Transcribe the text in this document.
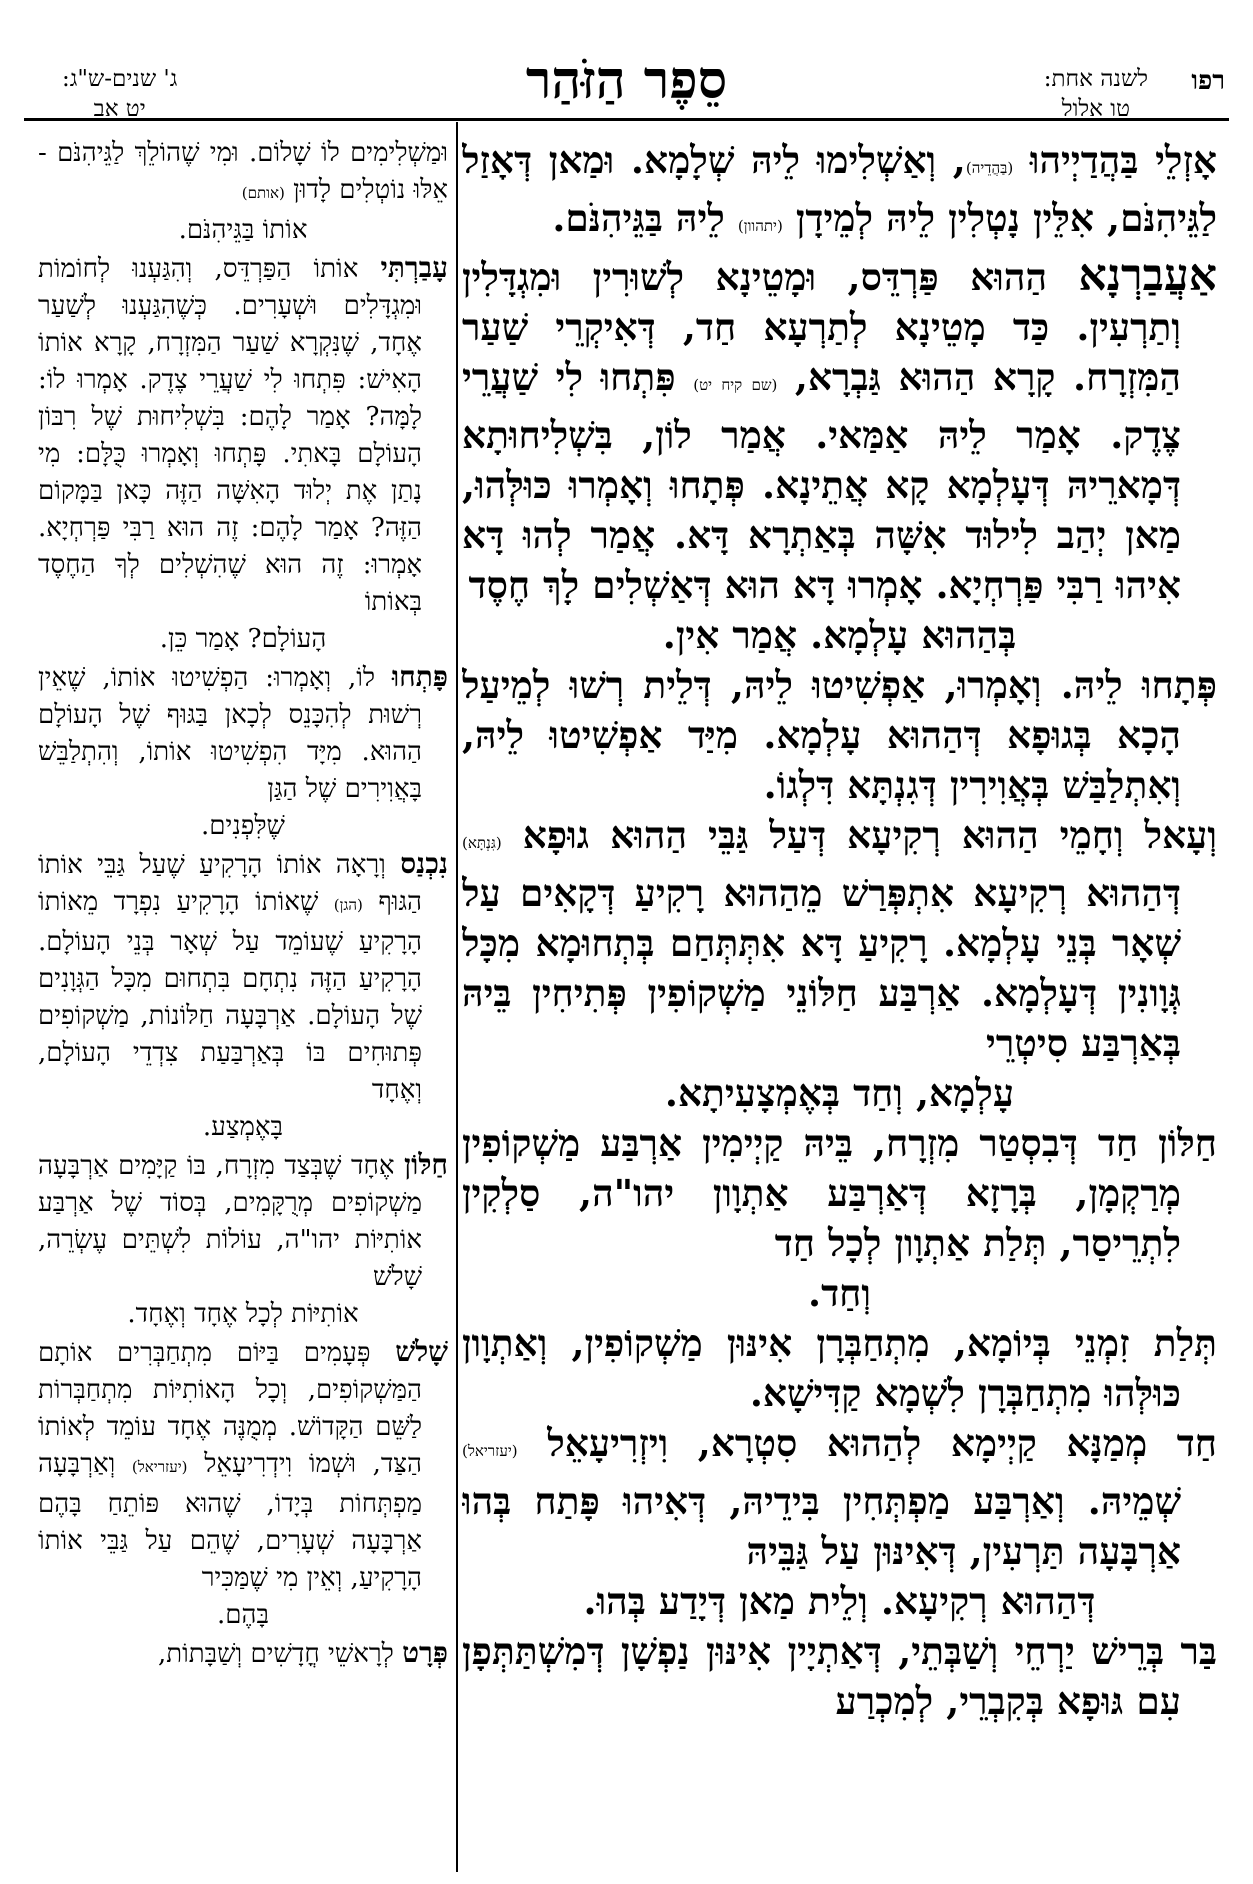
רפו
לשנה אחת:
טו אלול
סֵפֶר הַזֹּהַר
ג' שנים-ש"ג:
יט אב

אָזְלֵי בַּהֲדַיְיהוּ (בַּהֲדֵיה), וְאַשְׁלִימוּ לֵיהּ שְׁלָמָא. וּמַאן דְּאָזַל לַגֵּיהִנֹּם, אִלֵּין נָטְלִין לֵיהּ לְמֵידָן (יתהוון) לֵיהּ בַּגֵּיהִנֹּם.

אַעֲבַרְנָא הַהוּא פַּרְדֵּס, וּמָטֵינָא לְשׁוּרִין וּמִגְדָּלִין וְתַרְעִין. כַּד מָטֵינָא לְתַרְעָא חַד, דְּאִיקְרֵי שַׁעַר הַמִּזְרָח. קָרָא הַהוּא גַּבְרָא, (שם קיח יט) פִּתְחוּ לִי שַׁעֲרֵי צֶדֶק. אָמַר לֵיהּ אַמַּאי. אֲמַר לוֹן, בִּשְׁלִיחוּתָא דְּמָארֵיהּ דְּעָלְמָא קָא אֲתֵינָא. פְּתָחוּ וְאָמְרוּ כּוּלְּהוּ, מַאן יְהַב לִילוּד אִשָּׁה בְּאַתְרָא דָּא. אֲמַר לְהוּ דָּא אִיהוּ רַבִּי פַּרְחְיָא. אָמְרוּ דָּא הוּא דְּאַשְׁלִים לָךְ חֶסֶד

בְּהַהוּא עָלְמָא. אֲמַר אִין.

פְּתָחוּ לֵיהּ. וְאָמְרוּ, אַפְשִׁיטוּ לֵיהּ, דְּלֵית רְשׁוּ לְמֵיעַל הָכָא בְּגוּפָא דְּהַהוּא עָלְמָא. מִיַּד אַפְשִׁיטוּ לֵיהּ, וְאִתְלַבַּשׁ בְּאֲוִירִין דְּגִנְתָּא דִּלְגוֹ.

וְעָאל וְחָמֵי הַהוּא רְקִיעָא דְּעַל גַּבֵּי הַהוּא גוּפָא (גִּנְתָּא) דְּהַהוּא רְקִיעָא אִתְפְּרַשׁ מֵהַהוּא רָקִיעַ דְּקָאִים עַל שְׁאָר בְּנֵי עָלְמָא. רָקִיעַ דָּא אִתְּתְּחַם בְּתְחוּמָא מִכָּל גְּוָונִין דְּעָלְמָא. אַרְבַּע חַלּוֹנֵי מַשְׁקוֹפִין פְּתִיחִין בֵּיהּ בְּאַרְבַּע סִיטְרֵי

עָלְמָא, וְחַד בְּאֶמְצָעִיתָא.

חַלּוֹן חַד דְּבִסְטַר מִזְרָח, בֵּיהּ קַיְימִין אַרְבַּע מַשְׁקוֹפִין מְרַקְמָן, בְּרָזָא דְּאַרְבַּע אַתְוָון יהו"ה, סַלְקִין לִתְרֵיסַר, תְּלַת אַתְוָון לְכָל חַד

וְחַד.

תְּלַת זִמְנֵי בְּיוֹמָא, מִתְחַבְּרָן אִינּוּן מַשְׁקוֹפִין, וְאַתְוָון כּוּלְּהוּ מִתְחַבְּרָן לִשְׁמָא קַדִּישָׁא.

חַד מְמַנָּא קַיְימָא לְהַהוּא סִטְרָא, וִיזְרִיעָאֵל (יעזריאל) שְׁמֵיהּ. וְאַרְבַּע מַפְתְּחִין בִּידֵיהּ, דְּאִיהוּ פָּתַח בְּהוּ אַרְבָּעָה תַּרְעִין, דְּאִינּוּן עַל גַּבֵּיהּ

דְּהַהוּא רְקִיעָא. וְלֵית מַאן דְּיָדַע בְּהוּ.

בַּר בְּרֵישׁ יַרְחֵי וְשַׁבְּתֵי, דְּאַתְיָין אִינּוּן נַפְשָׁן דְּמִשְׁתַּתְּפָן עִם גּוּפָא בְּקִבְרֵי, לְמִכְרַע

וּמַשְׁלִימִים לוֹ שָׁלוֹם. וּמִי שֶׁהוֹלֵךְ לַגֵּיהִנֹּם - אֵלּוּ נוֹטְלִים לָדוּן (אותם)

אוֹתוֹ בַּגֵּיהִנֹּם.

עָבַרְתִּי אוֹתוֹ הַפַּרְדֵּס, וְהִגַּעְנוּ לְחוֹמוֹת וּמִגְדָּלִים וּשְׁעָרִים. כְּשֶׁהִגַּעְנוּ לְשַׁעַר אֶחָד, שֶׁנִּקְרָא שַׁעַר הַמִּזְרָח, קָרָא אוֹתוֹ הָאִישׁ: פִּתְחוּ לִי שַׁעֲרֵי צֶדֶק. אָמְרוּ לוֹ: לָמָּה? אָמַר לָהֶם: בִּשְׁלִיחוּת שֶׁל רִבּוֹן הָעוֹלָם בָּאתִי. פָּתְחוּ וְאָמְרוּ כֻּלָּם: מִי נָתַן אֶת יְלוּד הָאִשָּׁה הַזֶּה כָּאן בַּמָּקוֹם הַזֶּה? אָמַר לָהֶם: זֶה הוּא רַבִּי פַּרְחְיָא. אָמְרוּ: זֶה הוּא שֶׁהִשְׁלִים לְךָ הַחֶסֶד בְּאוֹתוֹ

הָעוֹלָם? אָמַר כֵּן.

פָּתְחוּ לוֹ, וְאָמְרוּ: הַפְשִׁיטוּ אוֹתוֹ, שֶׁאֵין רְשׁוּת לְהִכָּנֵס לְכָאן בַּגּוּף שֶׁל הָעוֹלָם הַהוּא. מִיָּד הִפְשִׁיטוּ אוֹתוֹ, וְהִתְלַבֵּשׁ בָּאֲוִירִים שֶׁל הַגַּן

שֶׁלִּפְנִים.

נִכְנַס וְרָאָה אוֹתוֹ הָרָקִיעַ שֶׁעַל גַּבֵּי אוֹתוֹ הַגּוּף (הגן) שֶׁאוֹתוֹ הָרָקִיעַ נִפְרָד מֵאוֹתוֹ הָרָקִיעַ שֶׁעוֹמֵד עַל שְׁאָר בְּנֵי הָעוֹלָם. הָרָקִיעַ הַזֶּה נִתְחָם בִּתְחוּם מִכָּל הַגְּוָנִים שֶׁל הָעוֹלָם. אַרְבָּעָה חַלּוֹנוֹת, מַשְׁקוֹפִים פְּתוּחִים בּוֹ בְּאַרְבַּעַת צִדְדֵי הָעוֹלָם, וְאֶחָד

בָּאֶמְצַע.

חַלּוֹן אֶחָד שֶׁבְּצַד מִזְרָח, בּוֹ קַיָּמִים אַרְבָּעָה מַשְׁקוֹפִים מְרֻקָּמִים, בְּסוֹד שֶׁל אַרְבַּע אוֹתִיּוֹת יהו"ה, עוֹלוֹת לִשְׁתֵּים עֶשְׂרֵה, שָׁלֹשׁ

אוֹתִיּוֹת לְכָל אֶחָד וְאֶחָד.

שָׁלֹשׁ פְּעָמִים בַּיּוֹם מִתְחַבְּרִים אוֹתָם הַמַּשְׁקוֹפִים, וְכָל הָאוֹתִיּוֹת מִתְחַבְּרוֹת לַשֵּׁם הַקָּדוֹשׁ. מְמֻנֶּה אֶחָד עוֹמֵד לְאוֹתוֹ הַצַּד, וּשְׁמוֹ וִידְרִיעָאֵל (יעזריאל) וְאַרְבָּעָה מַפְתְּחוֹת בְּיָדוֹ, שֶׁהוּא פּוֹתֵחַ בָּהֶם אַרְבָּעָה שְׁעָרִים, שֶׁהֵם עַל גַּבֵּי אוֹתוֹ הָרָקִיעַ, וְאֵין מִי שֶׁמַּכִּיר

בָּהֶם.

פְּרָט לְרָאשֵׁי חֳדָשִׁים וְשַׁבָּתוֹת,
